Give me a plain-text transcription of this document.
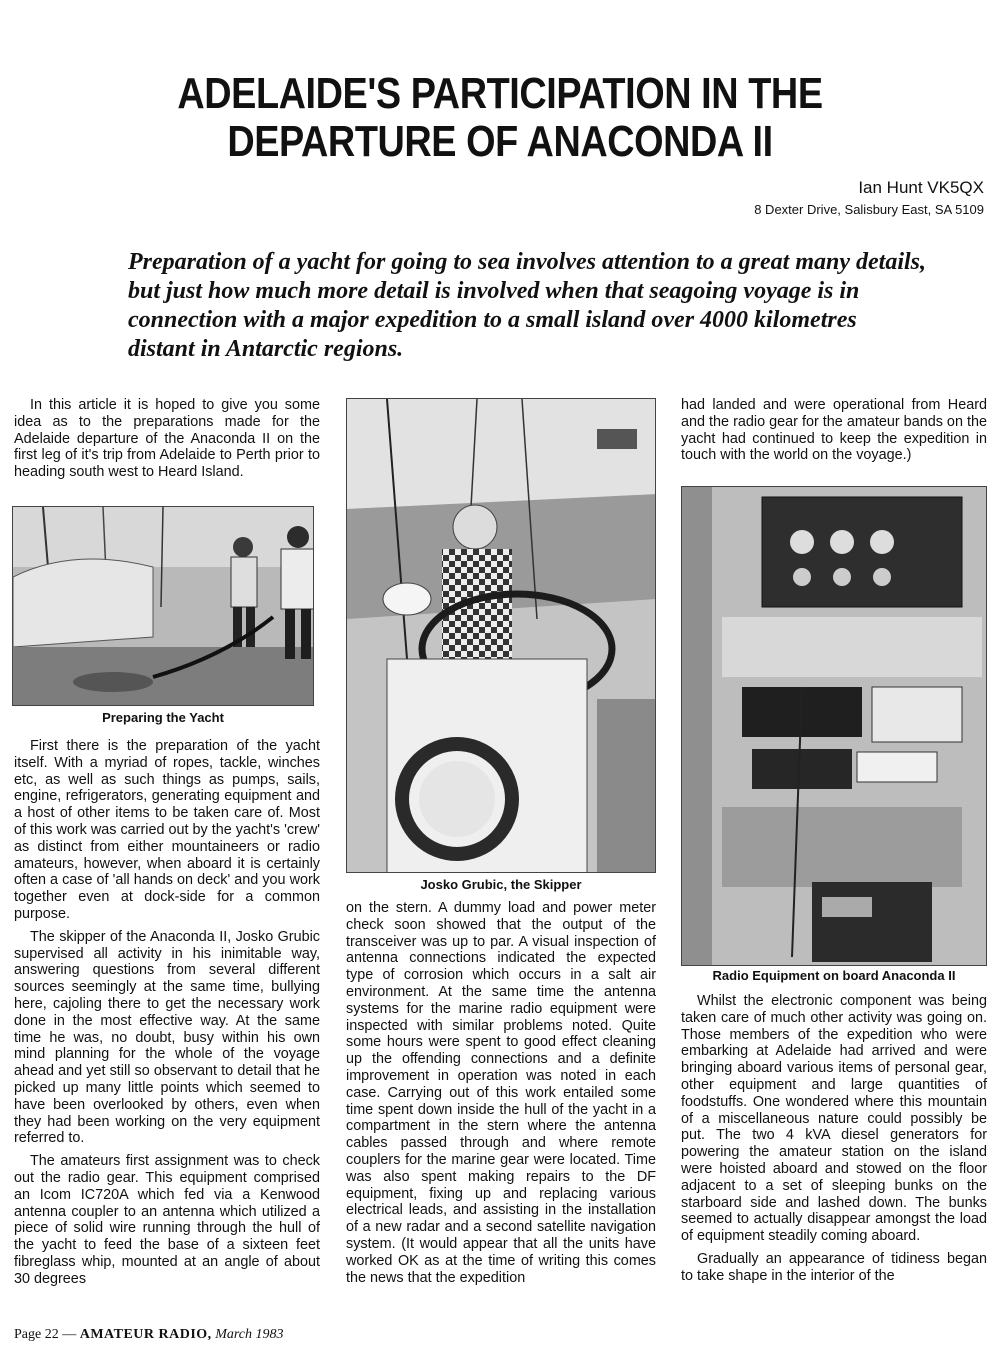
ADELAIDE'S PARTICIPATION IN THE
DEPARTURE OF ANACONDA II
Ian Hunt VK5QX
8 Dexter Drive, Salisbury East, SA 5109

Preparation of a yacht for going to sea involves attention to a great many details, but just how much more detail is involved when that seagoing voyage is in connection with a major expedition to a small island over 4000 kilometres distant in Antarctic regions.

In this article it is hoped to give you some idea as to the preparations made for the Adelaide departure of the Anaconda II on the first leg of it's trip from Adelaide to Perth prior to heading south west to Heard Island.

Preparing the Yacht

First there is the preparation of the yacht itself. With a myriad of ropes, tackle, winches etc, as well as such things as pumps, sails, engine, refrigerators, generating equipment and a host of other items to be taken care of. Most of this work was carried out by the yacht's 'crew' as distinct from either mountaineers or radio amateurs, however, when aboard it is certainly often a case of 'all hands on deck' and you work together even at dock-side for a common purpose.

The skipper of the Anaconda II, Josko Grubic supervised all activity in his inimitable way, answering questions from several different sources seemingly at the same time, bullying here, cajoling there to get the necessary work done in the most effective way. At the same time he was, no doubt, busy within his own mind planning for the whole of the voyage ahead and yet still so observant to detail that he picked up many little points which seemed to have been overlooked by others, even when they had been working on the very equipment referred to.

The amateurs first assignment was to check out the radio gear. This equipment comprised an Icom IC720A which fed via a Kenwood antenna coupler to an antenna which utilized a piece of solid wire running through the hull of the yacht to feed the base of a sixteen feet fibreglass whip, mounted at an angle of about 30 degrees

Josko Grubic, the Skipper

on the stern. A dummy load and power meter check soon showed that the output of the transceiver was up to par. A visual inspection of antenna connections indicated the expected type of corrosion which occurs in a salt air environment. At the same time the antenna systems for the marine radio equipment were inspected with similar problems noted. Quite some hours were spent to good effect cleaning up the offending connections and a definite improvement in operation was noted in each case. Carrying out of this work entailed some time spent down inside the hull of the yacht in a compartment in the stern where the antenna cables passed through and where remote couplers for the marine gear were located. Time was also spent making repairs to the DF equipment, fixing up and replacing various electrical leads, and assisting in the installation of a new radar and a second satellite navigation system. (It would appear that all the units have worked OK as at the time of writing this comes the news that the expedition

had landed and were operational from Heard and the radio gear for the amateur bands on the yacht had continued to keep the expedition in touch with the world on the voyage.)

Radio Equipment on board Anaconda II

Whilst the electronic component was being taken care of much other activity was going on. Those members of the expedition who were embarking at Adelaide had arrived and were bringing aboard various items of personal gear, other equipment and large quantities of foodstuffs. One wondered where this mountain of a miscellaneous nature could possibly be put. The two 4 kVA diesel generators for powering the amateur station on the island were hoisted aboard and stowed on the floor adjacent to a set of sleeping bunks on the starboard side and lashed down. The bunks seemed to actually disappear amongst the load of equipment steadily coming aboard.

Gradually an appearance of tidiness began to take shape in the interior of the

Page 22 — AMATEUR RADIO, March 1983
